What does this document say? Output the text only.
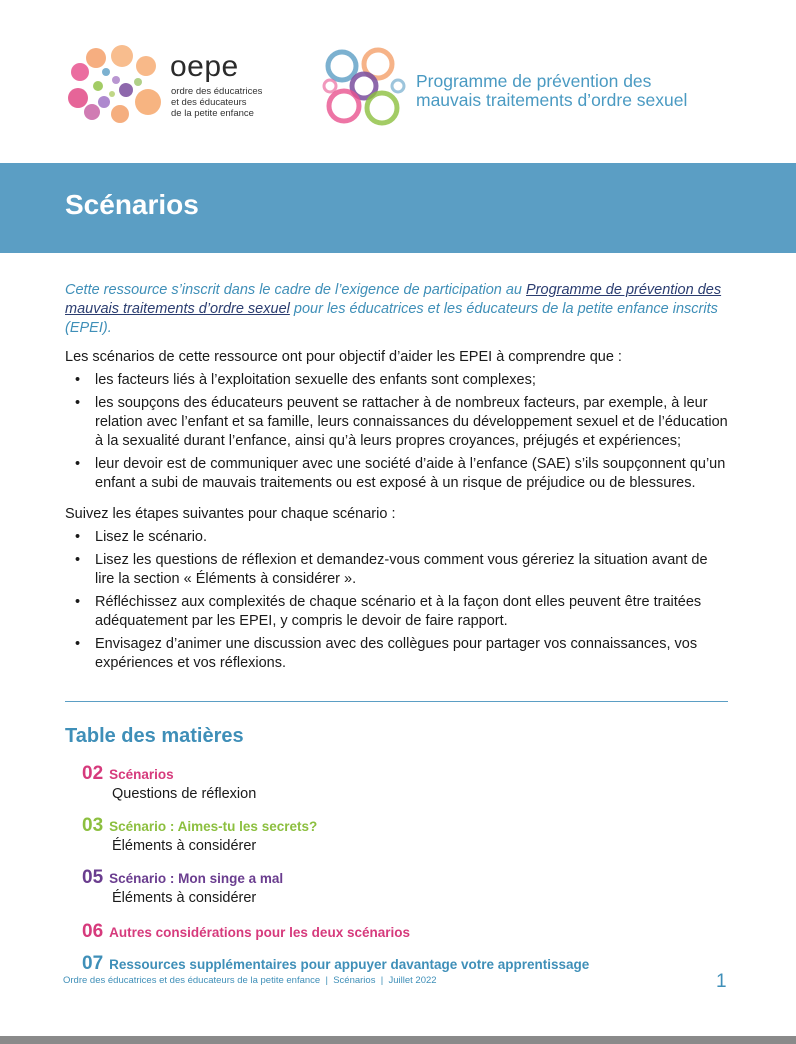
oepe
ordre des éducatrices
et des éducateurs
de la petite enfance
Programme de prévention des
mauvais traitements d’ordre sexuel
Scénarios

Cette ressource s’inscrit dans le cadre de l’exigence de participation au Programme de prévention des mauvais traitements d’ordre sexuel pour les éducatrices et les éducateurs de la petite enfance inscrits (EPEI).

Les scénarios de cette ressource ont pour objectif d’aider les EPEI à comprendre que :

• les facteurs liés à l’exploitation sexuelle des enfants sont complexes;
• les soupçons des éducateurs peuvent se rattacher à de nombreux facteurs, par exemple, à leur relation avec l’enfant et sa famille, leurs connaissances du développement sexuel et de l’éducation à la sexualité durant l’enfance, ainsi qu’à leurs propres croyances, préjugés et expériences;
• leur devoir est de communiquer avec une société d’aide à l’enfance (SAE) s’ils soupçonnent qu’un enfant a subi de mauvais traitements ou est exposé à un risque de préjudice ou de blessures.

Suivez les étapes suivantes pour chaque scénario :

• Lisez le scénario.
• Lisez les questions de réflexion et demandez-vous comment vous géreriez la situation avant de lire la section « Éléments à considérer ».
• Réfléchissez aux complexités de chaque scénario et à la façon dont elles peuvent être traitées adéquatement par les EPEI, y compris le devoir de faire rapport.
• Envisagez d’animer une discussion avec des collègues pour partager vos connaissances, vos expériences et vos réflexions.
Table des matières
02 Scénarios
Questions de réflexion
03 Scénario : Aimes-tu les secrets?
Éléments à considérer
05 Scénario : Mon singe a mal
Éléments à considérer
06 Autres considérations pour les deux scénarios
07 Ressources supplémentaires pour appuyer davantage votre apprentissage
Ordre des éducatrices et des éducateurs de la petite enfance  |  Scénarios  |  Juillet 2022	1
